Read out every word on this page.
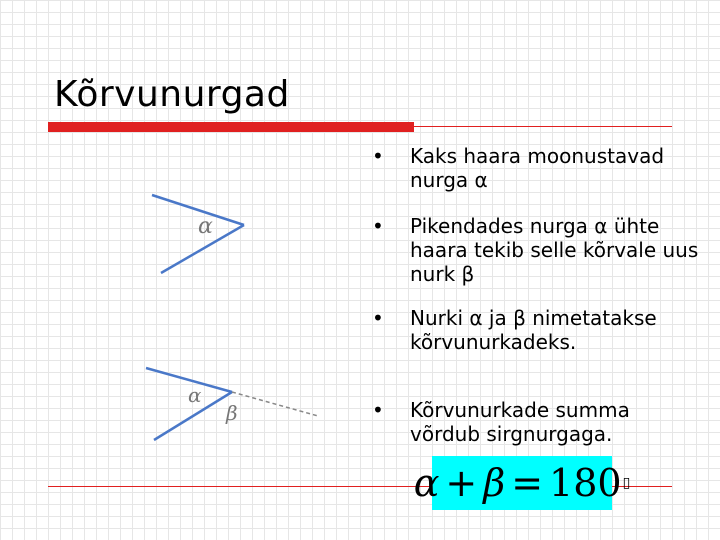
Kõrvunurgad
α
α
β
• Kaks haara moonustavad nurga α
• Pikendades nurga α ühte haara tekib selle kõrvale uus nurk β
• Nurki α ja β nimetatakse kõrvunurkadeks.
• Kõrvunurkade summa võrdub sirgnurgaga.
α + β = 180 ▯
